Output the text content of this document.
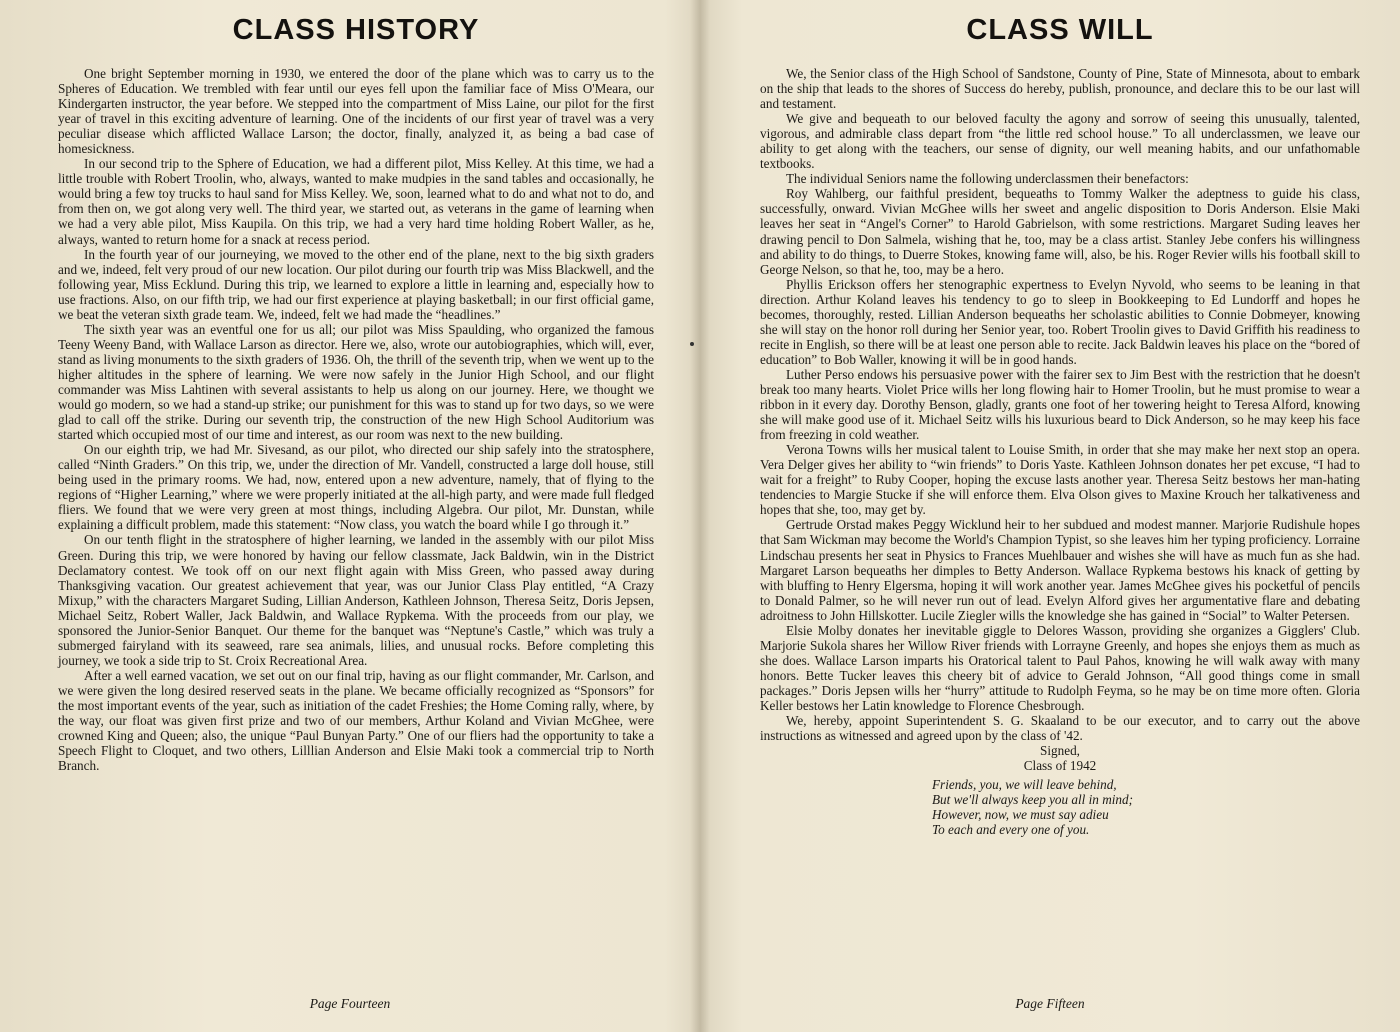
CLASS HISTORY

One bright September morning in 1930, we entered the door of the plane which was to carry us to the Spheres of Education. We trembled with fear until our eyes fell upon the familiar face of Miss O'Meara, our Kindergarten instructor, the year before. We stepped into the compartment of Miss Laine, our pilot for the first year of travel in this exciting adventure of learning. One of the incidents of our first year of travel was a very peculiar disease which afflicted Wallace Larson; the doctor, finally, analyzed it, as being a bad case of homesickness.

In our second trip to the Sphere of Education, we had a different pilot, Miss Kelley. At this time, we had a little trouble with Robert Troolin, who, always, wanted to make mudpies in the sand tables and occasionally, he would bring a few toy trucks to haul sand for Miss Kelley. We, soon, learned what to do and what not to do, and from then on, we got along very well. The third year, we started out, as veterans in the game of learning when we had a very able pilot, Miss Kaupila. On this trip, we had a very hard time holding Robert Waller, as he, always, wanted to return home for a snack at recess period.

In the fourth year of our journeying, we moved to the other end of the plane, next to the big sixth graders and we, indeed, felt very proud of our new location. Our pilot during our fourth trip was Miss Blackwell, and the following year, Miss Ecklund. During this trip, we learned to explore a little in learning and, especially how to use fractions. Also, on our fifth trip, we had our first experience at playing basketball; in our first official game, we beat the veteran sixth grade team. We, indeed, felt we had made the “headlines.”

The sixth year was an eventful one for us all; our pilot was Miss Spaulding, who organized the famous Teeny Weeny Band, with Wallace Larson as director. Here we, also, wrote our autobiographies, which will, ever, stand as living monuments to the sixth graders of 1936. Oh, the thrill of the seventh trip, when we went up to the higher altitudes in the sphere of learning. We were now safely in the Junior High School, and our flight commander was Miss Lahtinen with several assistants to help us along on our journey. Here, we thought we would go modern, so we had a stand-up strike; our punishment for this was to stand up for two days, so we were glad to call off the strike. During our seventh trip, the construction of the new High School Auditorium was started which occupied most of our time and interest, as our room was next to the new building.

On our eighth trip, we had Mr. Sivesand, as our pilot, who directed our ship safely into the stratosphere, called “Ninth Graders.” On this trip, we, under the direction of Mr. Vandell, constructed a large doll house, still being used in the primary rooms. We had, now, entered upon a new adventure, namely, that of flying to the regions of “Higher Learning,” where we were properly initiated at the all-high party, and were made full fledged fliers. We found that we were very green at most things, including Algebra. Our pilot, Mr. Dunstan, while explaining a difficult problem, made this statement: “Now class, you watch the board while I go through it.”

On our tenth flight in the stratosphere of higher learning, we landed in the assembly with our pilot Miss Green. During this trip, we were honored by having our fellow classmate, Jack Baldwin, win in the District Declamatory contest. We took off on our next flight again with Miss Green, who passed away during Thanksgiving vacation. Our greatest achievement that year, was our Junior Class Play entitled, “A Crazy Mixup,” with the characters Margaret Suding, Lillian Anderson, Kathleen Johnson, Theresa Seitz, Doris Jepsen, Michael Seitz, Robert Waller, Jack Baldwin, and Wallace Rypkema. With the proceeds from our play, we sponsored the Junior-Senior Banquet. Our theme for the banquet was “Neptune's Castle,” which was truly a submerged fairyland with its seaweed, rare sea animals, lilies, and unusual rocks. Before completing this journey, we took a side trip to St. Croix Recreational Area.

After a well earned vacation, we set out on our final trip, having as our flight commander, Mr. Carlson, and we were given the long desired reserved seats in the plane. We became officially recognized as “Sponsors” for the most important events of the year, such as initiation of the cadet Freshies; the Home Coming rally, where, by the way, our float was given first prize and two of our members, Arthur Koland and Vivian McGhee, were crowned King and Queen; also, the unique “Paul Bunyan Party.” One of our fliers had the opportunity to take a Speech Flight to Cloquet, and two others, Lilllian Anderson and Elsie Maki took a commercial trip to North Branch.

Page Fourteen
CLASS WILL

We, the Senior class of the High School of Sandstone, County of Pine, State of Minnesota, about to embark on the ship that leads to the shores of Success do hereby, publish, pronounce, and declare this to be our last will and testament.

We give and bequeath to our beloved faculty the agony and sorrow of seeing this unusually, talented, vigorous, and admirable class depart from “the little red school house.” To all underclassmen, we leave our ability to get along with the teachers, our sense of dignity, our well meaning habits, and our unfathomable textbooks.

The individual Seniors name the following underclassmen their benefactors:

Roy Wahlberg, our faithful president, bequeaths to Tommy Walker the adeptness to guide his class, successfully, onward. Vivian McGhee wills her sweet and angelic disposition to Doris Anderson. Elsie Maki leaves her seat in “Angel's Corner” to Harold Gabrielson, with some restrictions. Margaret Suding leaves her drawing pencil to Don Salmela, wishing that he, too, may be a class artist. Stanley Jebe confers his willingness and ability to do things, to Duerre Stokes, knowing fame will, also, be his. Roger Revier wills his football skill to George Nelson, so that he, too, may be a hero.

Phyllis Erickson offers her stenographic expertness to Evelyn Nyvold, who seems to be leaning in that direction. Arthur Koland leaves his tendency to go to sleep in Bookkeeping to Ed Lundorff and hopes he becomes, thoroughly, rested. Lillian Anderson bequeaths her scholastic abilities to Connie Dobmeyer, knowing she will stay on the honor roll during her Senior year, too. Robert Troolin gives to David Griffith his readiness to recite in English, so there will be at least one person able to recite. Jack Baldwin leaves his place on the “bored of education” to Bob Waller, knowing it will be in good hands.

Luther Perso endows his persuasive power with the fairer sex to Jim Best with the restriction that he doesn't break too many hearts. Violet Price wills her long flowing hair to Homer Troolin, but he must promise to wear a ribbon in it every day. Dorothy Benson, gladly, grants one foot of her towering height to Teresa Alford, knowing she will make good use of it. Michael Seitz wills his luxurious beard to Dick Anderson, so he may keep his face from freezing in cold weather.

Verona Towns wills her musical talent to Louise Smith, in order that she may make her next stop an opera. Vera Delger gives her ability to “win friends” to Doris Yaste. Kathleen Johnson donates her pet excuse, “I had to wait for a freight” to Ruby Cooper, hoping the excuse lasts another year. Theresa Seitz bestows her man-hating tendencies to Margie Stucke if she will enforce them. Elva Olson gives to Maxine Krouch her talkativeness and hopes that she, too, may get by.

Gertrude Orstad makes Peggy Wicklund heir to her subdued and modest manner. Marjorie Rudishule hopes that Sam Wickman may become the World's Champion Typist, so she leaves him her typing proficiency. Lorraine Lindschau presents her seat in Physics to Frances Muehlbauer and wishes she will have as much fun as she had. Margaret Larson bequeaths her dimples to Betty Anderson. Wallace Rypkema bestows his knack of getting by with bluffing to Henry Elgersma, hoping it will work another year. James McGhee gives his pocketful of pencils to Donald Palmer, so he will never run out of lead. Evelyn Alford gives her argumentative flare and debating adroitness to John Hillskotter. Lucile Ziegler wills the knowledge she has gained in “Social” to Walter Petersen.

Elsie Molby donates her inevitable giggle to Delores Wasson, providing she organizes a Gigglers' Club. Marjorie Sukola shares her Willow River friends with Lorrayne Greenly, and hopes she enjoys them as much as she does. Wallace Larson imparts his Oratorical talent to Paul Pahos, knowing he will walk away with many honors. Bette Tucker leaves this cheery bit of advice to Gerald Johnson, “All good things come in small packages.” Doris Jepsen wills her “hurry” attitude to Rudolph Feyma, so he may be on time more often. Gloria Keller bestows her Latin knowledge to Florence Chesbrough.

We, hereby, appoint Superintendent S. G. Skaaland to be our executor, and to carry out the above instructions as witnessed and agreed upon by the class of '42.

Signed,
Class of 1942

Friends, you, we will leave behind,
But we'll always keep you all in mind;
However, now, we must say adieu
To each and every one of you.
Page Fifteen
